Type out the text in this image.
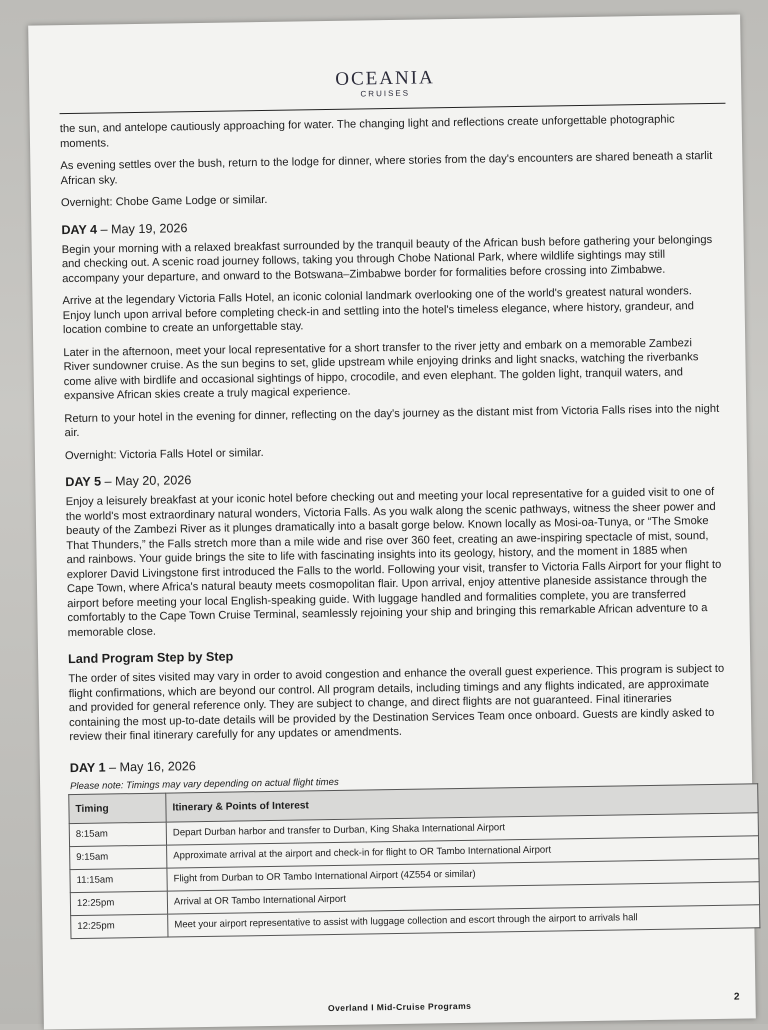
OCEANIA
CRUISES

the sun, and antelope cautiously approaching for water. The changing light and reflections create unforgettable photographic moments.

As evening settles over the bush, return to the lodge for dinner, where stories from the day's encounters are shared beneath a starlit African sky.

Overnight: Chobe Game Lodge or similar.

DAY 4 – May 19, 2026

Begin your morning with a relaxed breakfast surrounded by the tranquil beauty of the African bush before gathering your belongings and checking out. A scenic road journey follows, taking you through Chobe National Park, where wildlife sightings may still accompany your departure, and onward to the Botswana–Zimbabwe border for formalities before crossing into Zimbabwe.

Arrive at the legendary Victoria Falls Hotel, an iconic colonial landmark overlooking one of the world's greatest natural wonders. Enjoy lunch upon arrival before completing check-in and settling into the hotel's timeless elegance, where history, grandeur, and location combine to create an unforgettable stay.

Later in the afternoon, meet your local representative for a short transfer to the river jetty and embark on a memorable Zambezi River sundowner cruise. As the sun begins to set, glide upstream while enjoying drinks and light snacks, watching the riverbanks come alive with birdlife and occasional sightings of hippo, crocodile, and even elephant. The golden light, tranquil waters, and expansive African skies create a truly magical experience.

Return to your hotel in the evening for dinner, reflecting on the day's journey as the distant mist from Victoria Falls rises into the night air.

Overnight: Victoria Falls Hotel or similar.

DAY 5 – May 20, 2026

Enjoy a leisurely breakfast at your iconic hotel before checking out and meeting your local representative for a guided visit to one of the world's most extraordinary natural wonders, Victoria Falls. As you walk along the scenic pathways, witness the sheer power and beauty of the Zambezi River as it plunges dramatically into a basalt gorge below. Known locally as Mosi-oa-Tunya, or “The Smoke That Thunders,” the Falls stretch more than a mile wide and rise over 360 feet, creating an awe-inspiring spectacle of mist, sound, and rainbows. Your guide brings the site to life with fascinating insights into its geology, history, and the moment in 1885 when explorer David Livingstone first introduced the Falls to the world. Following your visit, transfer to Victoria Falls Airport for your flight to Cape Town, where Africa's natural beauty meets cosmopolitan flair. Upon arrival, enjoy attentive planeside assistance through the airport before meeting your local English-speaking guide. With luggage handled and formalities complete, you are transferred comfortably to the Cape Town Cruise Terminal, seamlessly rejoining your ship and bringing this remarkable African adventure to a memorable close.

Land Program Step by Step

The order of sites visited may vary in order to avoid congestion and enhance the overall guest experience. This program is subject to flight confirmations, which are beyond our control. All program details, including timings and any flights indicated, are approximate and provided for general reference only. They are subject to change, and direct flights are not guaranteed. Final itineraries containing the most up-to-date details will be provided by the Destination Services Team once onboard. Guests are kindly asked to review their final itinerary carefully for any updates or amendments.

DAY 1 – May 16, 2026
Please note: Timings may vary depending on actual flight times
Timing	Itinerary & Points of Interest
8:15am	Depart Durban harbor and transfer to Durban, King Shaka International Airport
9:15am	Approximate arrival at the airport and check-in for flight to OR Tambo International Airport
11:15am	Flight from Durban to OR Tambo International Airport (4Z554 or similar)
12:25pm	Arrival at OR Tambo International Airport
12:25pm	Meet your airport representative to assist with luggage collection and escort through the airport to arrivals hall
Overland I Mid-Cruise Programs
2
